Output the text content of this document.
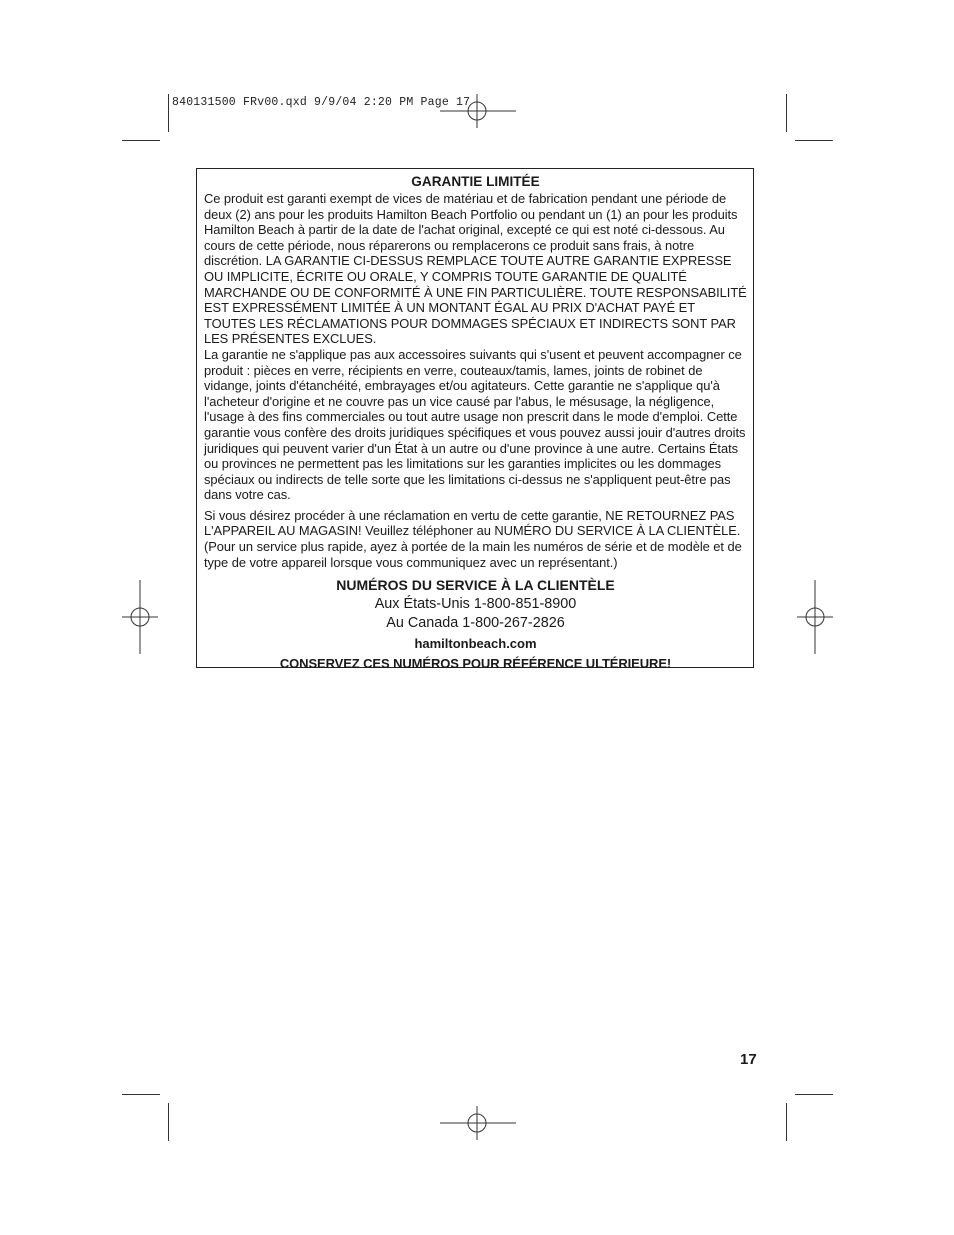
840131500 FRv00.qxd 9/9/04 2:20 PM Page 17

GARANTIE LIMITÉE

Ce produit est garanti exempt de vices de matériau et de fabrication pendant une période de deux (2) ans pour les produits Hamilton Beach Portfolio ou pendant un (1) an pour les produits Hamilton Beach à partir de la date de l'achat original, excepté ce qui est noté ci-dessous. Au cours de cette période, nous réparerons ou remplacerons ce produit sans frais, à notre discrétion. LA GARANTIE CI-DESSUS REMPLACE TOUTE AUTRE GARANTIE EXPRESSE OU IMPLICITE, ÉCRITE OU ORALE, Y COMPRIS TOUTE GARANTIE DE QUALITÉ MARCHANDE OU DE CONFORMITÉ À UNE FIN PARTICULIÈRE. TOUTE RESPONSABILITÉ EST EXPRESSÉMENT LIMITÉE À UN MONTANT ÉGAL AU PRIX D'ACHAT PAYÉ ET TOUTES LES RÉCLAMATIONS POUR DOMMAGES SPÉCIAUX ET INDIRECTS SONT PAR LES PRÉSENTES EXCLUES.

La garantie ne s'applique pas aux accessoires suivants qui s'usent et peuvent accompagner ce produit : pièces en verre, récipients en verre, couteaux/tamis, lames, joints de robinet de vidange, joints d'étanchéité, embrayages et/ou agitateurs. Cette garantie ne s'applique qu'à l'acheteur d'origine et ne couvre pas un vice causé par l'abus, le mésusage, la négligence, l'usage à des fins commerciales ou tout autre usage non prescrit dans le mode d'emploi. Cette garantie vous confère des droits juridiques spécifiques et vous pouvez aussi jouir d'autres droits juridiques qui peuvent varier d'un État à un autre ou d'une province à une autre. Certains États ou provinces ne permettent pas les limitations sur les garanties implicites ou les dommages spéciaux ou indirects de telle sorte que les limitations ci-dessus ne s'appliquent peut-être pas dans votre cas.

Si vous désirez procéder à une réclamation en vertu de cette garantie, NE RETOURNEZ PAS L'APPAREIL AU MAGASIN! Veuillez téléphoner au NUMÉRO DU SERVICE À LA CLIENTÈLE. (Pour un service plus rapide, ayez à portée de la main les numéros de série et de modèle et de type de votre appareil lorsque vous communiquez avec un représentant.)

NUMÉROS DU SERVICE À LA CLIENTÈLE

Aux États-Unis 1-800-851-8900

Au Canada 1-800-267-2826

hamiltonbeach.com

CONSERVEZ CES NUMÉROS POUR RÉFÉRENCE ULTÉRIEURE!

17
